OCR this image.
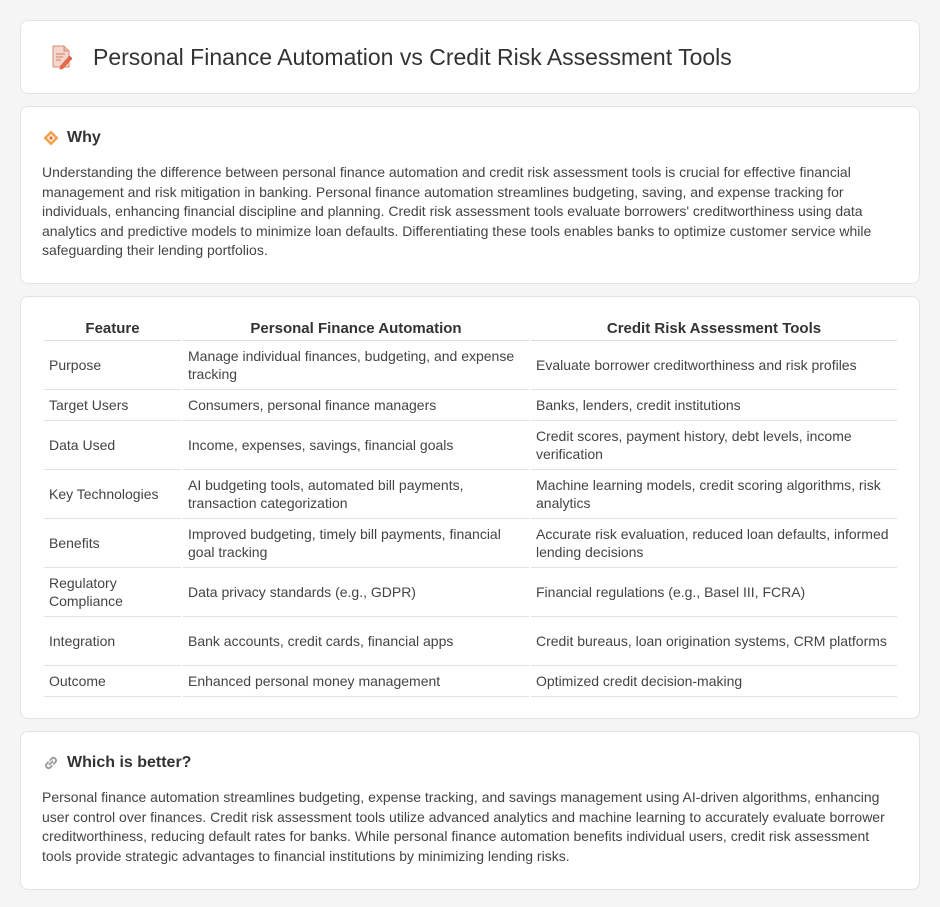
Personal Finance Automation vs Credit Risk Assessment Tools
Why

Understanding the difference between personal finance automation and credit risk assessment tools is crucial for effective financial management and risk mitigation in banking. Personal finance automation streamlines budgeting, saving, and expense tracking for individuals, enhancing financial discipline and planning. Credit risk assessment tools evaluate borrowers' creditworthiness using data analytics and predictive models to minimize loan defaults. Differentiating these tools enables banks to optimize customer service while safeguarding their lending portfolios.

Feature	Personal Finance Automation	Credit Risk Assessment Tools
Purpose	Manage individual finances, budgeting, and expense tracking	Evaluate borrower creditworthiness and risk profiles
Target Users	Consumers, personal finance managers	Banks, lenders, credit institutions
Data Used	Income, expenses, savings, financial goals	Credit scores, payment history, debt levels, income verification
Key Technologies	AI budgeting tools, automated bill payments, transaction categorization	Machine learning models, credit scoring algorithms, risk analytics
Benefits	Improved budgeting, timely bill payments, financial goal tracking	Accurate risk evaluation, reduced loan defaults, informed lending decisions
Regulatory Compliance	Data privacy standards (e.g., GDPR)	Financial regulations (e.g., Basel III, FCRA)
Integration	Bank accounts, credit cards, financial apps	Credit bureaus, loan origination systems, CRM platforms
Outcome	Enhanced personal money management	Optimized credit decision-making
Which is better?

Personal finance automation streamlines budgeting, expense tracking, and savings management using AI-driven algorithms, enhancing user control over finances. Credit risk assessment tools utilize advanced analytics and machine learning to accurately evaluate borrower creditworthiness, reducing default rates for banks. While personal finance automation benefits individual users, credit risk assessment tools provide strategic advantages to financial institutions by minimizing lending risks.
